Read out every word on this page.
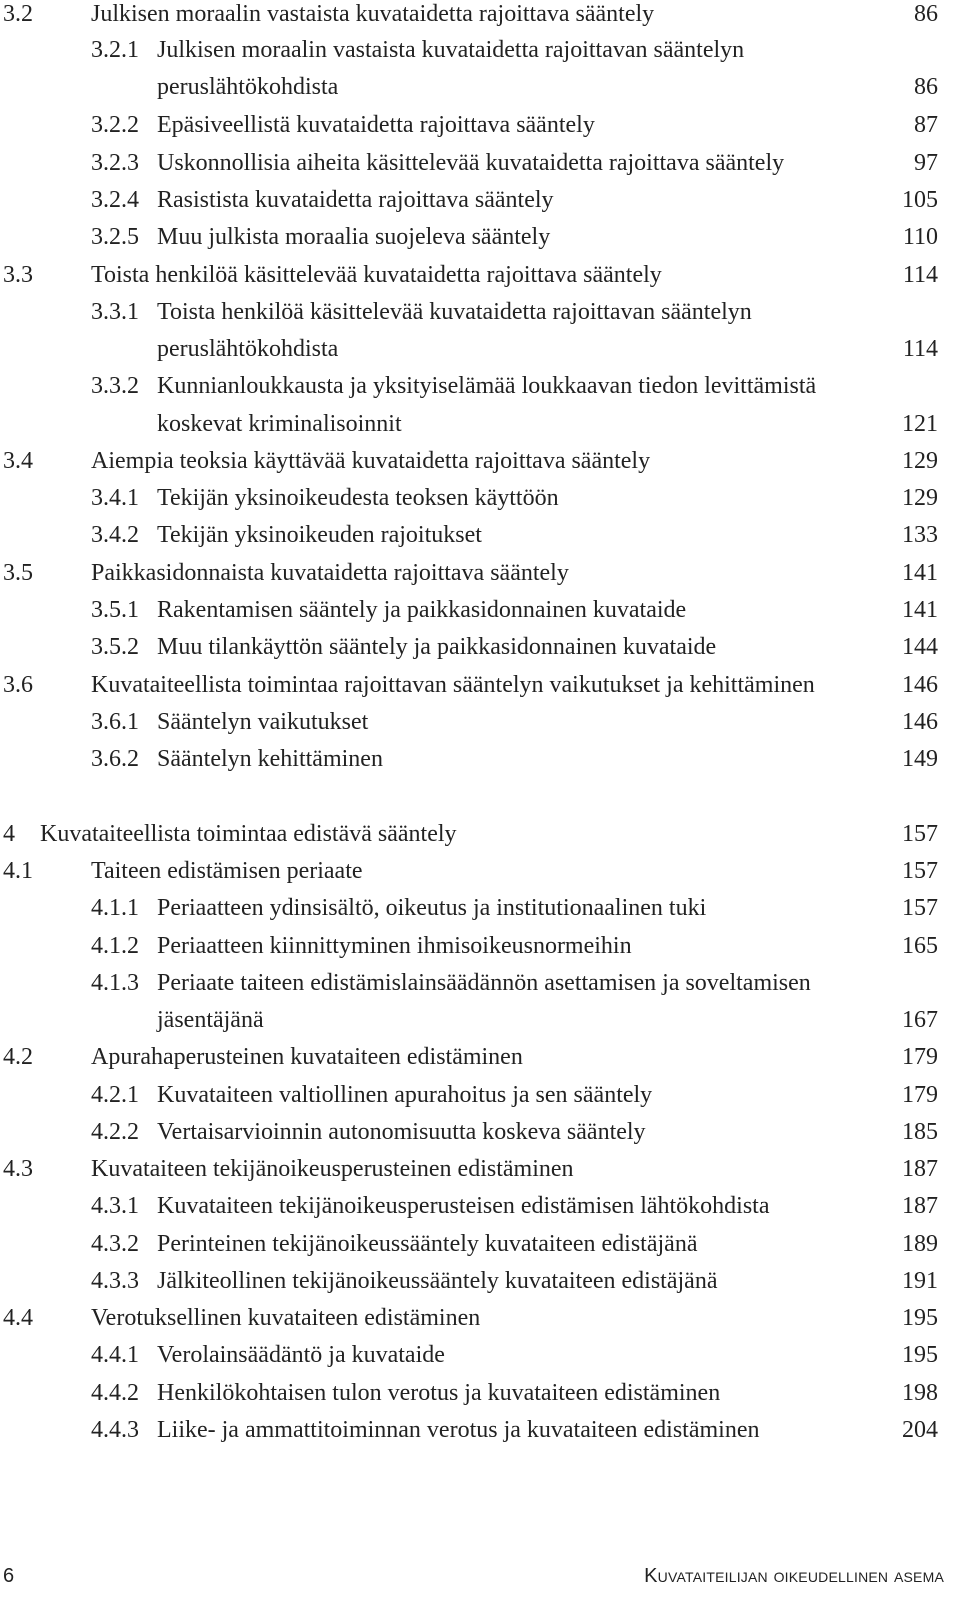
3.2 Julkisen moraalin vastaista kuvataidetta rajoittava sääntely	86
3.2.1 Julkisen moraalin vastaista kuvataidetta rajoittavan sääntelyn
peruslähtökohdista	86
3.2.2 Epäsiveellistä kuvataidetta rajoittava sääntely	87
3.2.3 Uskonnollisia aiheita käsittelevää kuvataidetta rajoittava sääntely	97
3.2.4 Rasistista kuvataidetta rajoittava sääntely	105
3.2.5 Muu julkista moraalia suojeleva sääntely	110
3.3 Toista henkilöä käsittelevää kuvataidetta rajoittava sääntely	114
3.3.1 Toista henkilöä käsittelevää kuvataidetta rajoittavan sääntelyn
peruslähtökohdista	114
3.3.2 Kunnianloukkausta ja yksityiselämää loukkaavan tiedon levittämistä
koskevat kriminalisoinnit	121
3.4 Aiempia teoksia käyttävää kuvataidetta rajoittava sääntely	129
3.4.1 Tekijän yksinoikeudesta teoksen käyttöön	129
3.4.2 Tekijän yksinoikeuden rajoitukset	133
3.5 Paikkasidonnaista kuvataidetta rajoittava sääntely	141
3.5.1 Rakentamisen sääntely ja paikkasidonnainen kuvataide	141
3.5.2 Muu tilankäyttön sääntely ja paikkasidonnainen kuvataide	144
3.6 Kuvataiteellista toimintaa rajoittavan sääntelyn vaikutukset ja kehittäminen	146
3.6.1 Sääntelyn vaikutukset	146
3.6.2 Sääntelyn kehittäminen	149
4 Kuvataiteellista toimintaa edistävä sääntely	157
4.1 Taiteen edistämisen periaate	157
4.1.1 Periaatteen ydinsisältö, oikeutus ja institutionaalinen tuki	157
4.1.2 Periaatteen kiinnittyminen ihmisoikeusnormeihin	165
4.1.3 Periaate taiteen edistämislainsäädännön asettamisen ja soveltamisen
jäsentäjänä	167
4.2 Apurahaperusteinen kuvataiteen edistäminen	179
4.2.1 Kuvataiteen valtiollinen apurahoitus ja sen sääntely	179
4.2.2 Vertaisarvioinnin autonomisuutta koskeva sääntely	185
4.3 Kuvataiteen tekijänoikeusperusteinen edistäminen	187
4.3.1 Kuvataiteen tekijänoikeusperusteisen edistämisen lähtökohdista	187
4.3.2 Perinteinen tekijänoikeussääntely kuvataiteen edistäjänä	189
4.3.3 Jälkiteollinen tekijänoikeussääntely kuvataiteen edistäjänä	191
4.4 Verotuksellinen kuvataiteen edistäminen	195
4.4.1 Verolainsäädäntö ja kuvataide	195
4.4.2 Henkilökohtaisen tulon verotus ja kuvataiteen edistäminen	198
4.4.3 Liike- ja ammattitoiminnan verotus ja kuvataiteen edistäminen	204
6	Kuvataiteilijan oikeudellinen asema
